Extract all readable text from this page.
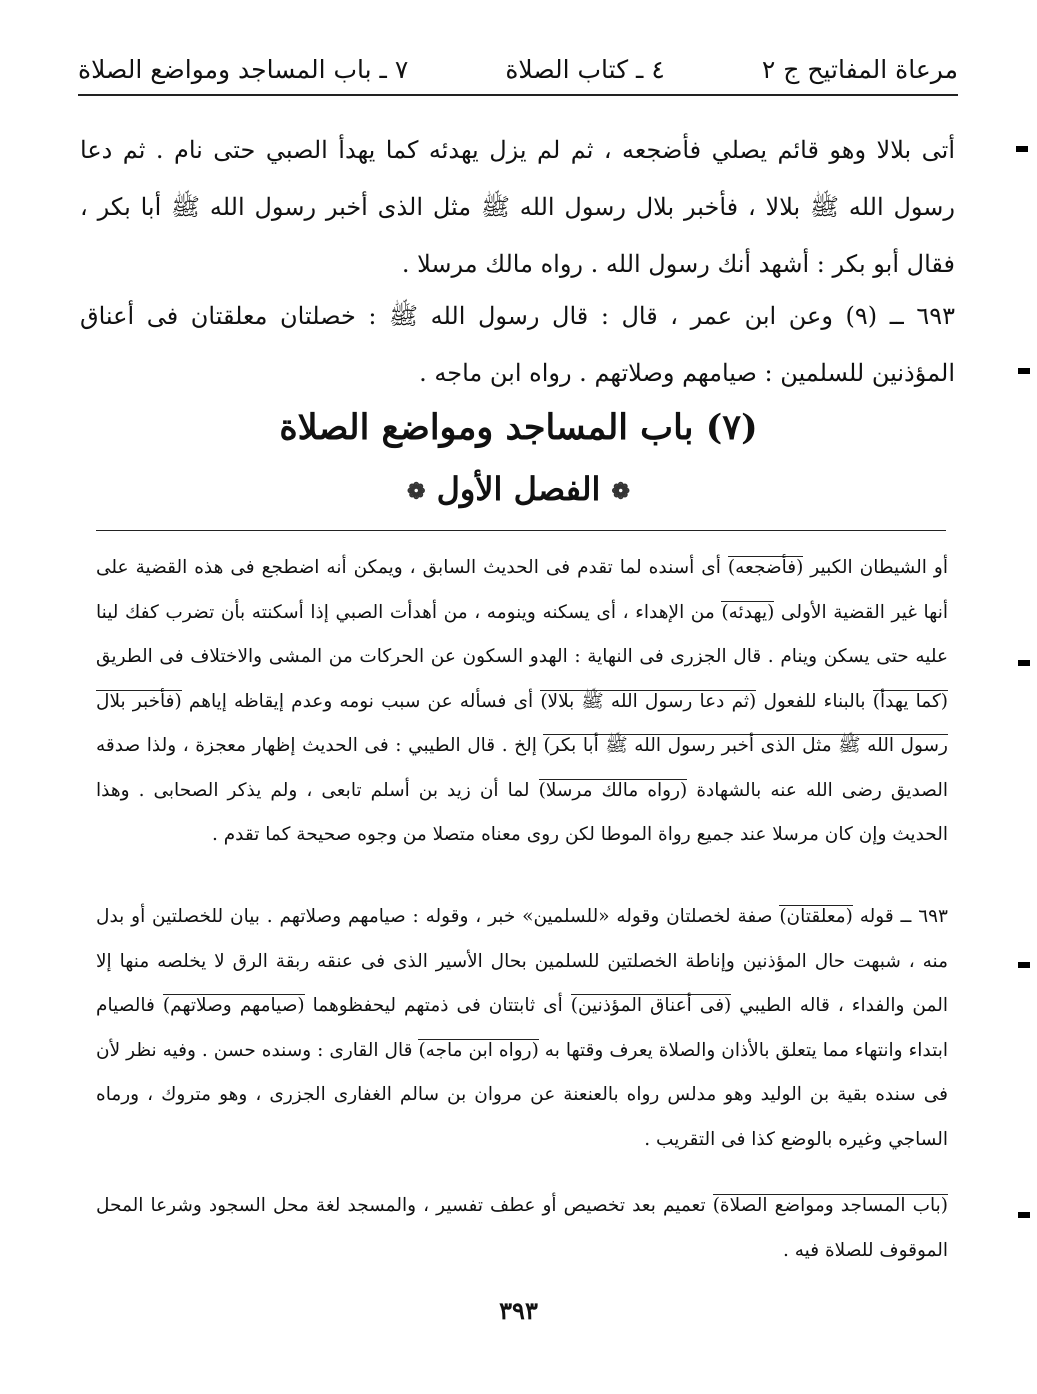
مرعاة المفاتيح ج ٢
٤ ـ كتاب الصلاة
٧ ـ باب المساجد ومواضع الصلاة

أتى بلالا وهو قائم يصلي فأضجعه ، ثم لم يزل يهدئه كما يهدأ الصبي حتى نام . ثم دعا رسول الله ﷺ بلالا ، فأخبر بلال رسول الله ﷺ مثل الذى أخبر رسول الله ﷺ أبا بكر ، فقال أبو بكر : أشهد أنك رسول الله . رواه مالك مرسلا .

٦٩٣ ــ (٩) وعن ابن عمر ، قال : قال رسول الله ﷺ : خصلتان معلقتان فى أعناق المؤذنين للسلمين : صيامهم وصلاتهم . رواه ابن ماجه .

(٧) باب المساجد ومواضع الصلاة
❁ الفصل الأول ❁

أو الشيطان الكبير (فأضجعه) أى أسنده لما تقدم فى الحديث السابق ، ويمكن أنه اضطجع فى هذه القضية على أنها غير القضية الأولى (يهدئه) من الإهداء ، أى يسكنه وينومه ، من أهدأت الصبي إذا أسكنته بأن تضرب كفك لينا عليه حتى يسكن وينام . قال الجزرى فى النهاية : الهدو السكون عن الحركات من المشى والاختلاف فى الطريق (كما يهدأ) بالبناء للفعول (ثم دعا رسول الله ﷺ بلالا) أى فسأله عن سبب نومه وعدم إيقاظه إياهم (فأخبر بلال رسول الله ﷺ مثل الذى أخبر رسول الله ﷺ أبا بكر) إلخ . قال الطيبي : فى الحديث إظهار معجزة ، ولذا صدقه الصديق رضى الله عنه بالشهادة (رواه مالك مرسلا) لما أن زيد بن أسلم تابعى ، ولم يذكر الصحابى . وهذا الحديث وإن كان مرسلا عند جميع رواة الموطا لكن روى معناه متصلا من وجوه صحيحة كما تقدم .

٦٩٣ ــ قوله (معلقتان) صفة لخصلتان وقوله «للسلمين» خبر ، وقوله : صيامهم وصلاتهم . بيان للخصلتين أو بدل منه ، شبهت حال المؤذنين وإناطة الخصلتين للسلمين بحال الأسير الذى فى عنقه ربقة الرق لا يخلصه منها إلا المن والفداء ، قاله الطيبي (فى أعناق المؤذنين) أى ثابتتان فى ذمتهم ليحفظوهما (صيامهم وصلاتهم) فالصيام ابتداء وانتهاء مما يتعلق بالأذان والصلاة يعرف وقتها به (رواه ابن ماجه) قال القارى : وسنده حسن . وفيه نظر لأن فى سنده بقية بن الوليد وهو مدلس رواه بالعنعنة عن مروان بن سالم الغفارى الجزرى ، وهو متروك ، ورماه الساجي وغيره بالوضع كذا فى التقريب .

(باب المساجد ومواضع الصلاة) تعميم بعد تخصيص أو عطف تفسير ، والمسجد لغة محل السجود وشرعا المحل الموقوف للصلاة فيه .

٣٩٣
